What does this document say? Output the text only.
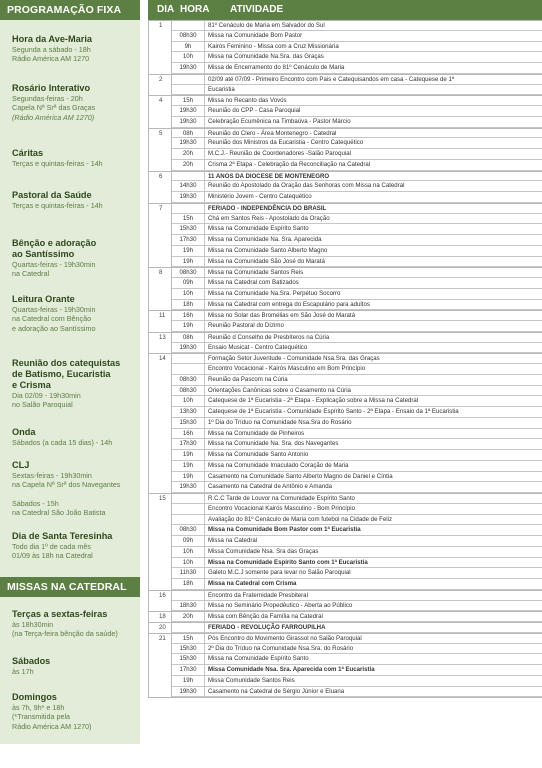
PROGRAMAÇÃO FIXA
Hora da Ave-Maria
Segunda a sábado - 18h
Rádio América AM 1270
Rosário Interativo
Segundas-feiras - 20h
Capela Nª Srª das Graças
(Rádio América AM 1270)
Cáritas
Terças e quintas-feiras - 14h
Pastoral da Saúde
Terças e quintas-feiras - 14h
Bênção e adoração
ao Santíssimo
Quartas-feiras - 19h30min
na Catedral
Leitura Orante
Quartas-feiras - 19h30min
na Catedral com Bênção
e adoração ao Santíssimo
Reunião dos catequistas
de Batismo, Eucaristia
e Crisma
Dia 02/09 - 19h30min
no Salão Paroquial
Onda
Sábados (a cada 15 dias) - 14h
CLJ
Sextas-feiras - 19h30min
na Capela Nª Srª dos Navegantes
Sábados - 15h
na Catedral São João Batista
Dia de Santa Teresinha
Todo dia 1º de cada mês
01/09 às 18h na Catedral
MISSAS NA CATEDRAL
Terças a sextas-feiras
às 18h30min
(na Terça-feira bênção da saúde)
Sábados
às 17h
Domingos
às 7h, 9h* e 18h
(*Transmitida pela
Rádio América AM 1270)
DIA HORA ATIVIDADE
1	81º Cenáculo de Maria em Salvador do Sul
08h30	Missa na Comunidade Bom Pastor
9h	Kairós Feminino - Missa com a Cruz Missionária
10h	Missa na Comunidade Na.Sra. das Graças
19h30	Missa de Encerramento do 81º Cenáculo de Maria
2	02/09 até 07/09 - Primeiro Encontro com Pais e Catequisandos em casa - Catequese de 1ª
Eucaristia
4	15h	Missa no Recanto das Vovós
19h30	Reunião do CPP - Casa Paroquial
19h30	Celebração Ecumênica na Timbaúva - Pastor Márcio
5	08h	Reunião do Clero - Área Montenegro - Catedral
19h30	Reunião dos Ministros da Eucaristia - Centro Catequético
20h	M.C.J.- Reunião de Coordenadores -Salão Paroquial
20h	Crisma 2ª Etapa - Celebração da Reconciliação na Catedral
6	11 ANOS DA DIOCESE DE MONTENEGRO
14h30	Reunião do Apostolado da Oração das Senhoras com Missa na Catedral
19h30	Ministério Jovem - Centro Catequético
7	FERIADO - INDEPENDÊNCIA DO BRASIL
15h	Chá em Santos Reis - Apostolado da Oração
15h30	Missa na Comunidade Espírito Santo
17h30	Missa na Comunidade Na. Sra. Aparecida
19h	Missa na Comunidade Santo Alberto Magno
19h	Missa na Comunidade São José do Maratá
8	08h30	Missa na Comunidade Santos Reis
09h	Missa na Catedral com Batizados
10h	Missa na Comunidade Na.Sra. Perpétuo Socorro
18h	Missa na Catedral com entrega do Escapulário para adultos
11	16h	Missa no Solar das Bromélias em São José do Maratá
19h	Reunião Pastoral do Dízimo
13	08h	Reunião d Conselho de Presbíteros na Cúria
19h30	Ensaio Musicat - Centro Catequético
14	Formação Setor Juventude - Comunidade Nsa.Sra. das Graças
Encontro Vocacional - Kairós Masculino em Bom Princípio
08h30	Reunião da Pascom na Cúria
08h30	Orientações Canônicas sobre o Casamento na Cúria
10h	Catequese de 1ª Eucaristia - 2ª Etapa - Explicação sobre a Missa na Catedral
13h30	Catequese de 1ª Eucaristia - Comunidade Espírito Santo - 2ª Etapa - Ensaio da 1ª Eucaristia
15h30	1º Dia do Tríduo na Comunidade Nsa.Sra do Rosário
16h	Missa na Comunidade de Pinheiros
17h30	Missa na Comunidade Na. Sra. dos Navegantes
19h	Missa na Comunidade Santo Antonio
19h	Missa na Comunidade Imaculado Coração de Maria
19h	Casamento na Comunidade Santo Alberto Magno de Daniel e Cíntia
19h30	Casamento na Catedral de Antônio e Amanda
15	R.C.C Tarde de Louvor na Comunidade Espírito Santo
Encontro Vocacional Kairós Masculino - Bom Princípio
Avaliação do 81º Cenáculo de Maria com futebol na Cidade de Feliz
08h30	Missa na Comunidade Bom Pastor com 1ª Eucaristia
09h	Missa na Catedral
10h	Missa Comunidade Nsa. Sra das Graças
10h	Missa na Comunidade Espírito Santo com 1ª Eucaristia
11h30	Galeto M.C.J somente para levar no Salão Paroquial
18h	Missa na Catedral com Crisma
16	Encontro da Fraternidade Presbiteral
18h30	Missa no Seminário Propedêutico - Aberta ao Público
18	20h	Missa com Bênção da Família na Catedral
20	FERIADO - REVOLUÇÃO FARROUPILHA
21	15h	Pós Encontro do Movimento Girassol no Salão Paroquial
15h30	2º Dia do Tríduo na Comunidade Nsa.Sra. do Rosário
15h30	Missa na Comunidade Espírito Santo
17h30	Missa Comunidade Nsa. Sra. Aparecida com 1ª Eucaristia
19h	Missa Comunidade Santos Reis
19h30	Casamento na Catedral de Sérgio Júnior e Eluana
